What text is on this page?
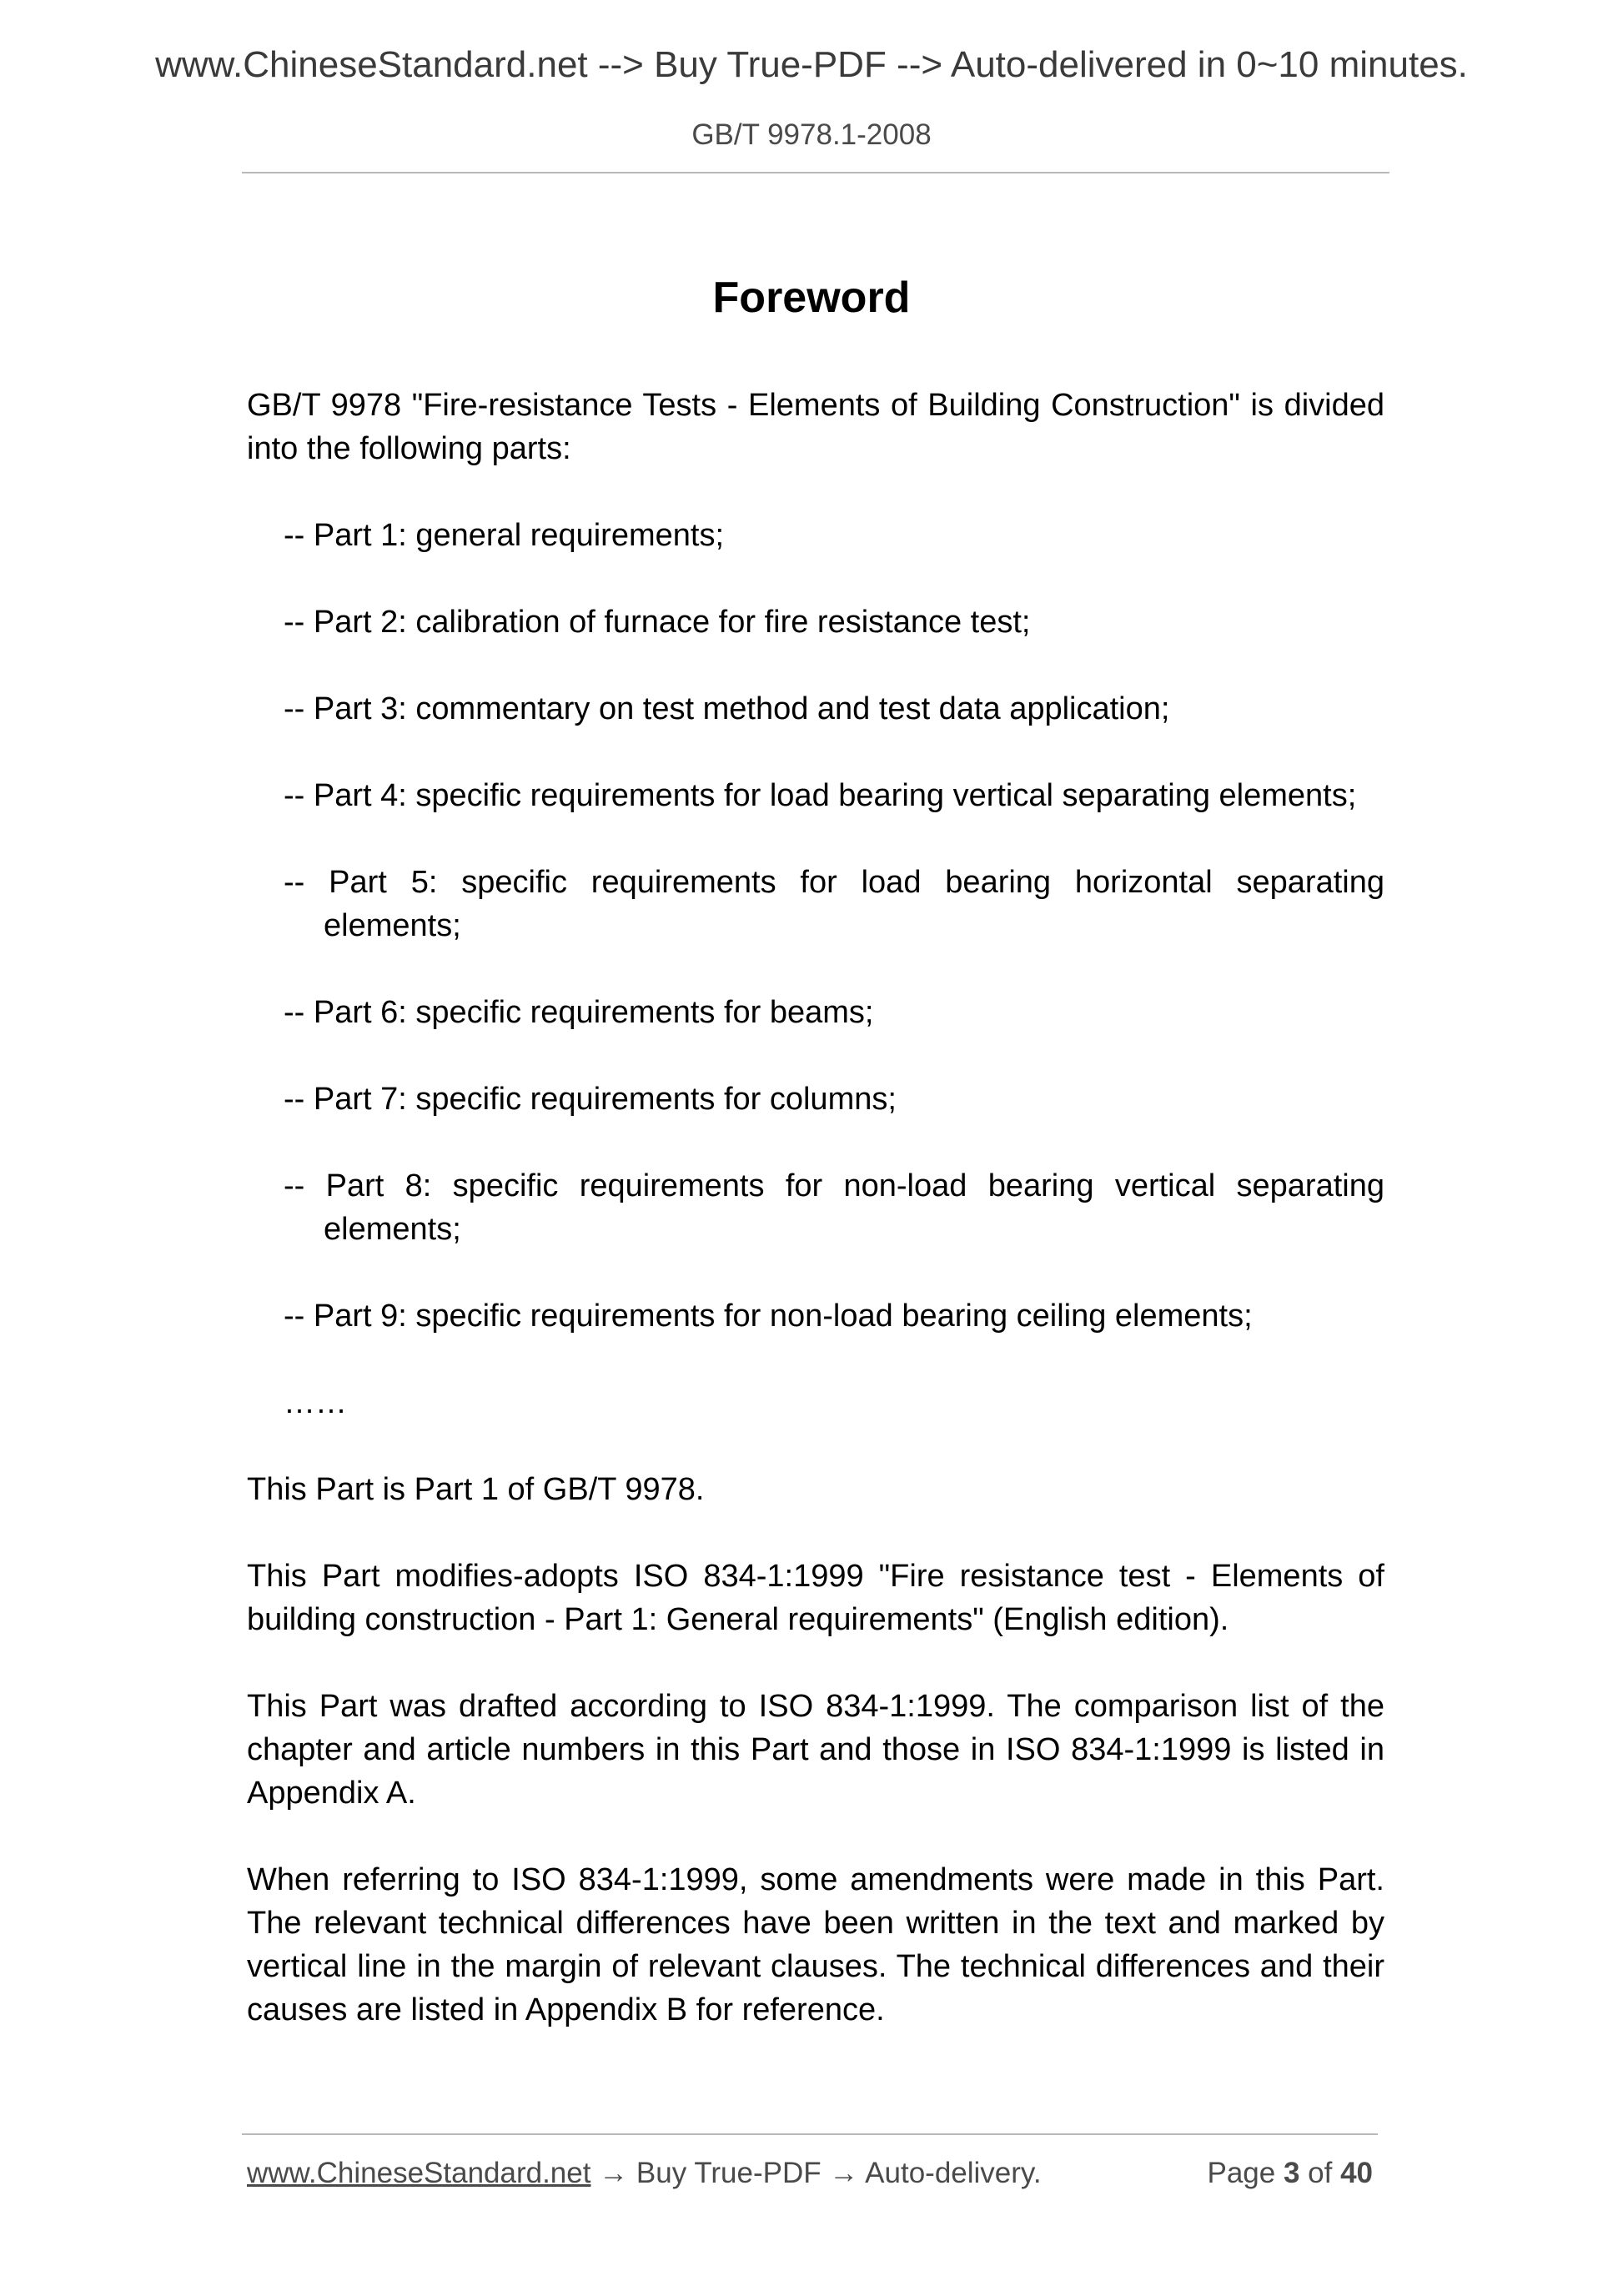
www.ChineseStandard.net --> Buy True-PDF --> Auto-delivered in 0~10 minutes.
GB/T 9978.1-2008
Foreword

GB/T 9978 "Fire-resistance Tests - Elements of Building Construction" is divided into the following parts:

-- Part 1: general requirements;

-- Part 2: calibration of furnace for fire resistance test;

-- Part 3: commentary on test method and test data application;

-- Part 4: specific requirements for load bearing vertical separating elements;

-- Part 5: specific requirements for load bearing horizontal separating elements;

-- Part 6: specific requirements for beams;

-- Part 7: specific requirements for columns;

-- Part 8: specific requirements for non-load bearing vertical separating elements;

-- Part 9: specific requirements for non-load bearing ceiling elements;

……

This Part is Part 1 of GB/T 9978.

This Part modifies-adopts ISO 834-1:1999 "Fire resistance test - Elements of building construction - Part 1: General requirements" (English edition).

This Part was drafted according to ISO 834-1:1999. The comparison list of the chapter and article numbers in this Part and those in ISO 834-1:1999 is listed in Appendix A.

When referring to ISO 834-1:1999, some amendments were made in this Part. The relevant technical differences have been written in the text and marked by vertical line in the margin of relevant clauses. The technical differences and their causes are listed in Appendix B for reference.

www.ChineseStandard.net → Buy True-PDF → Auto-delivery.	Page 3 of 40
